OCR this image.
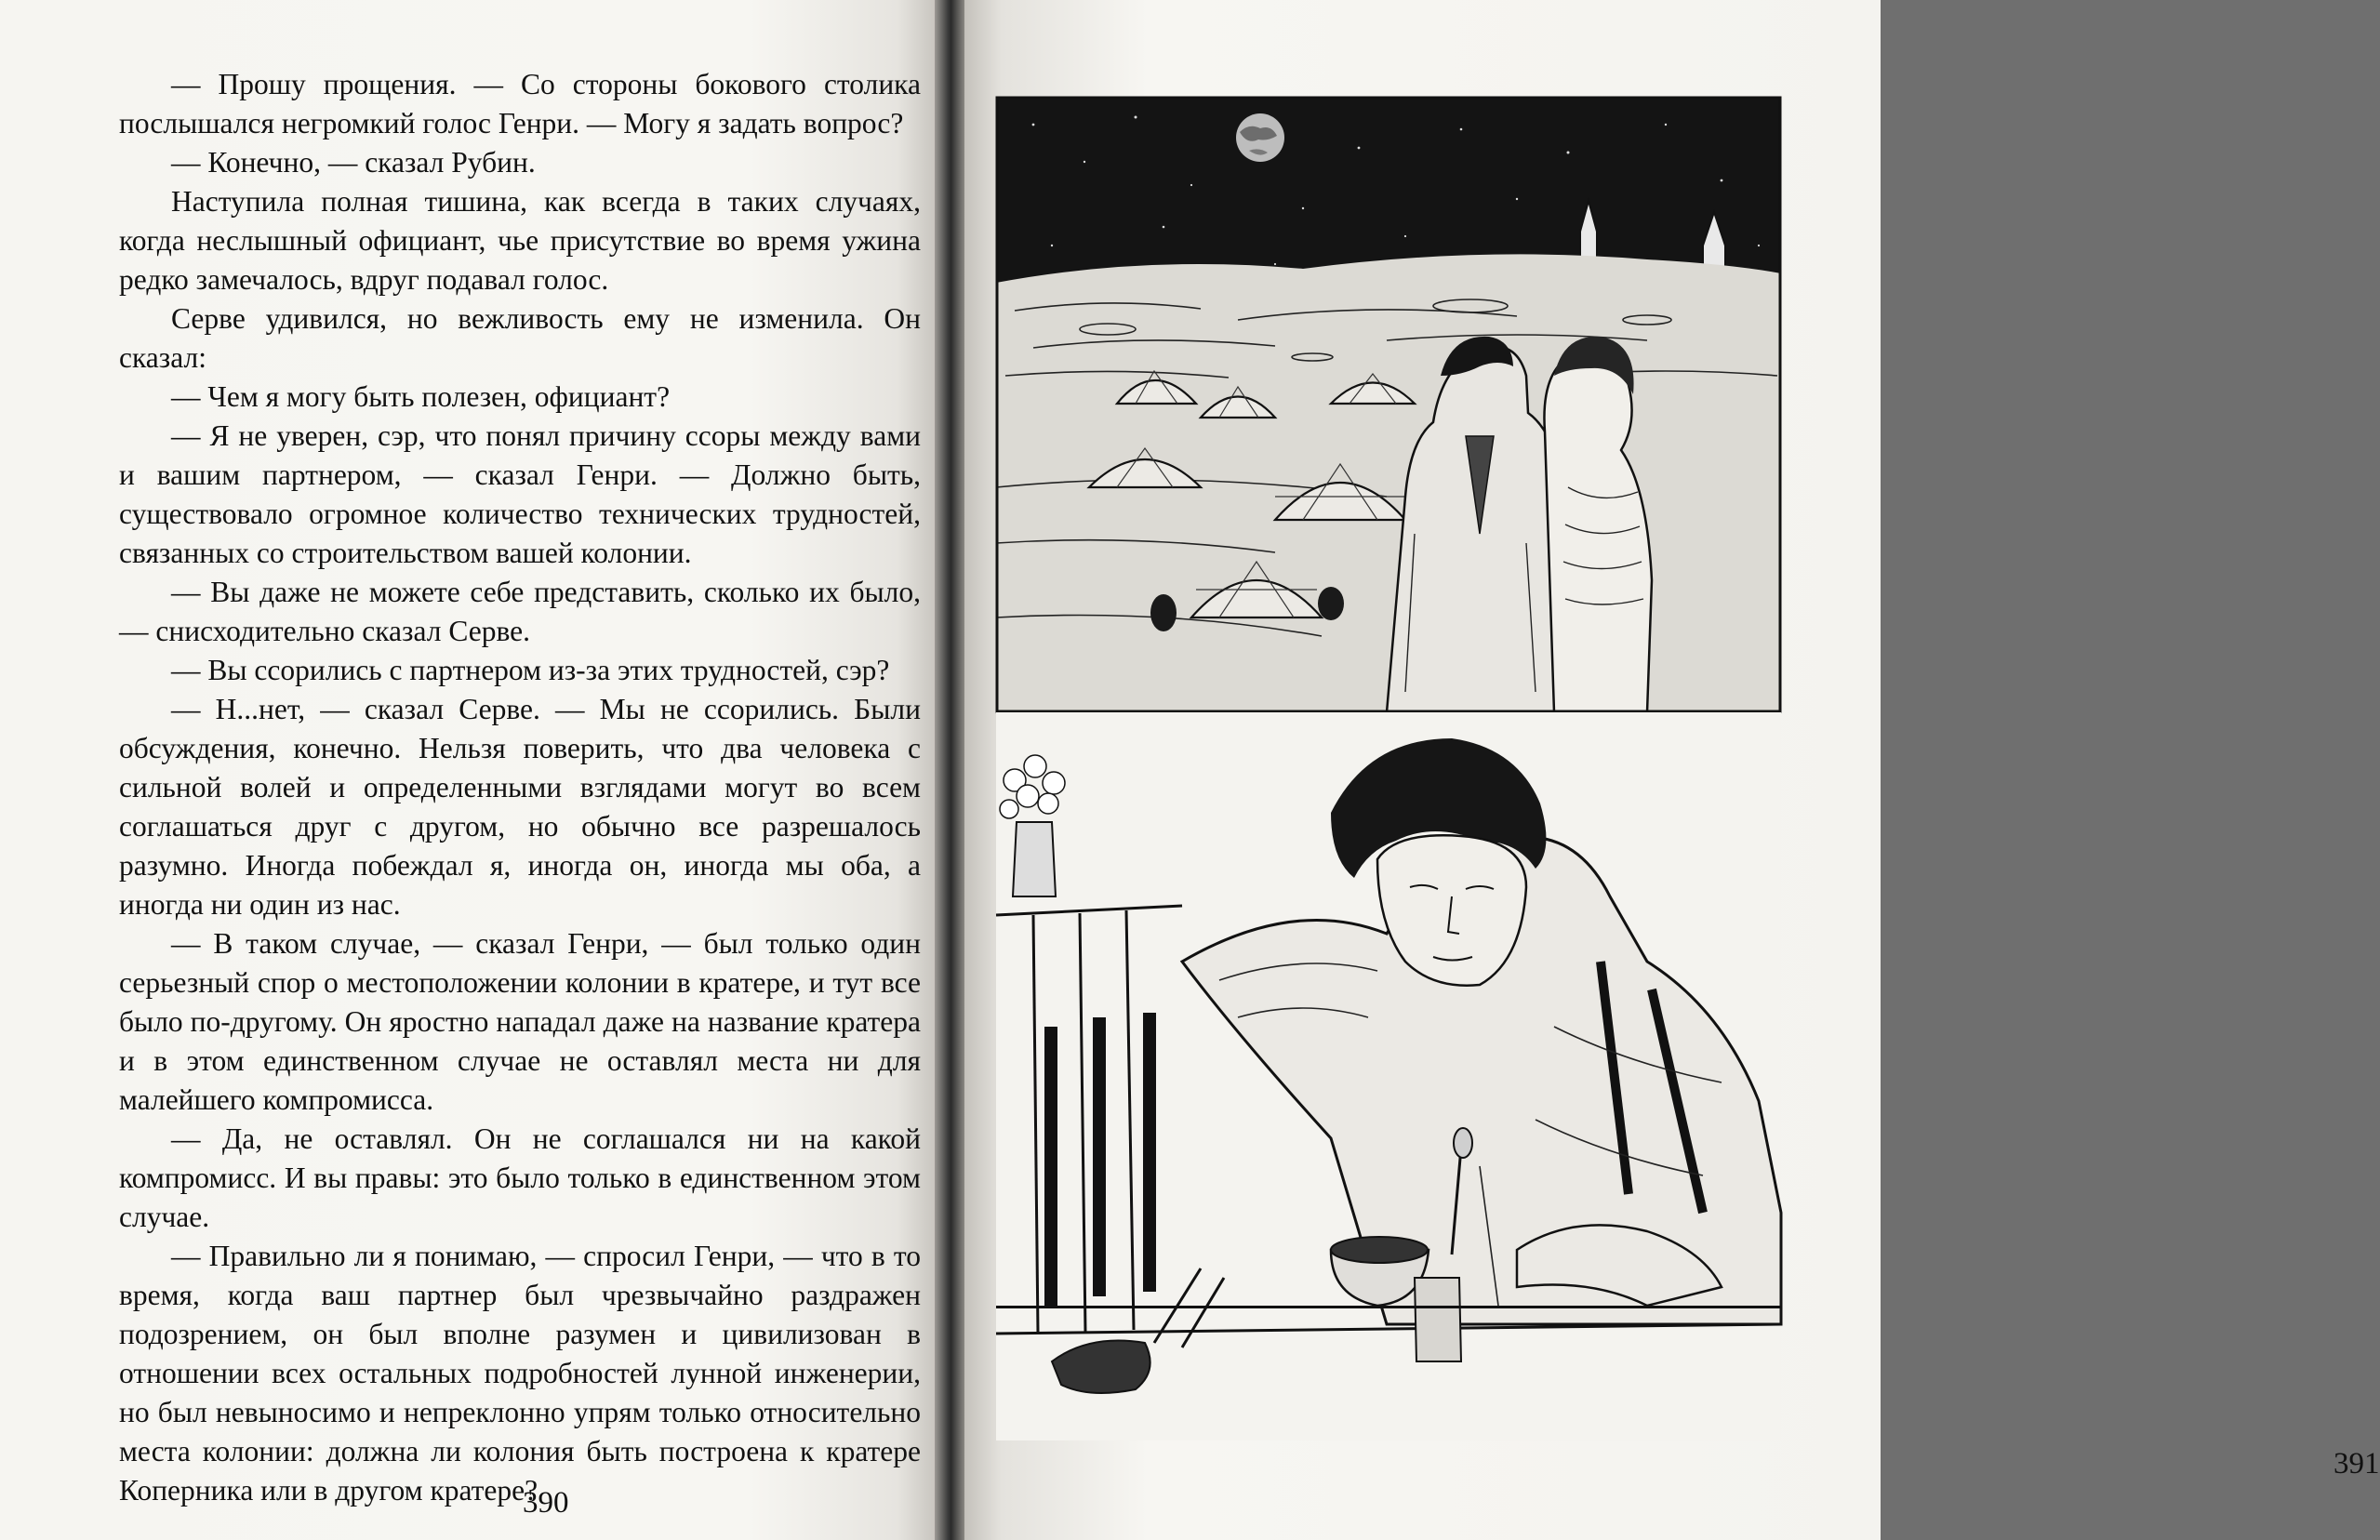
— Прошу прощения. — Со стороны бокового столика послышался негромкий голос Генри. — Могу я задать вопрос?

— Конечно, — сказал Рубин.

Наступила полная тишина, как всегда в таких случаях, когда неслышный официант, чье присутствие во время ужина редко замечалось, вдруг подавал голос.

Серве удивился, но вежливость ему не изменила. Он сказал:

— Чем я могу быть полезен, официант?

— Я не уверен, сэр, что понял причину ссоры между вами и вашим партнером, — сказал Генри. — Должно быть, существовало огромное количество технических трудностей, связанных со строительством вашей колонии.

— Вы даже не можете себе представить, сколько их было, — снисходительно сказал Серве.

— Вы ссорились с партнером из-за этих трудностей, сэр?

— Н...нет, — сказал Серве. — Мы не ссорились. Были обсуждения, конечно. Нельзя поверить, что два человека с сильной волей и определенными взглядами могут во всем соглашаться друг с другом, но обычно все разрешалось разумно. Иногда побеждал я, иногда он, иногда мы оба, а иногда ни один из нас.

— В таком случае, — сказал Генри, — был только один серьезный спор о местоположении колонии в кратере, и тут все было по-другому. Он яростно нападал даже на название кратера и в этом единственном случае не оставлял места ни для малейшего компромисса.

— Да, не оставлял. Он не соглашался ни на какой компромисс. И вы правы: это было только в единственном этом случае.

— Правильно ли я понимаю, — спросил Генри, — что в то время, когда ваш партнер был чрезвычайно раздражен подозрением, он был вполне разумен и цивилизован в отношении всех остальных подробностей лунной инженерии, но был невыносимо и непреклонно упрям только относительно места колонии: должна ли колония быть построена к кратере Коперника или в другом кратере?

390
391
